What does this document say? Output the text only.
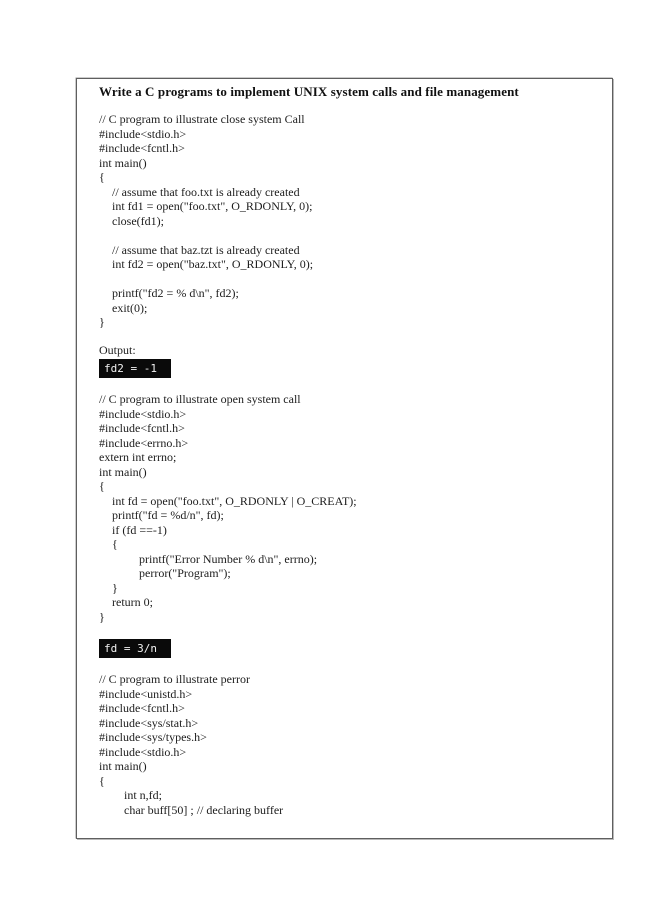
Write a C programs to implement UNIX system calls and file management
// C program to illustrate close system Call
#include<stdio.h>
#include<fcntl.h>
int main()
{
// assume that foo.txt is already created
int fd1 = open("foo.txt", O_RDONLY, 0);
close(fd1);
// assume that baz.tzt is already created
int fd2 = open("baz.txt", O_RDONLY, 0);
printf("fd2 = % d\n", fd2);
exit(0);
}
Output:
fd2 = -1
// C program to illustrate open system call
#include<stdio.h>
#include<fcntl.h>
#include<errno.h>
extern int errno;
int main()
{
int fd = open("foo.txt", O_RDONLY | O_CREAT);
printf("fd = %d/n", fd);
if (fd ==-1)
{
printf("Error Number % d\n", errno);
perror("Program");
}
return 0;
}
fd = 3/n
// C program to illustrate perror
#include<unistd.h>
#include<fcntl.h>
#include<sys/stat.h>
#include<sys/types.h>
#include<stdio.h>
int main()
{
int n,fd;
char buff[50] ; // declaring buffer
